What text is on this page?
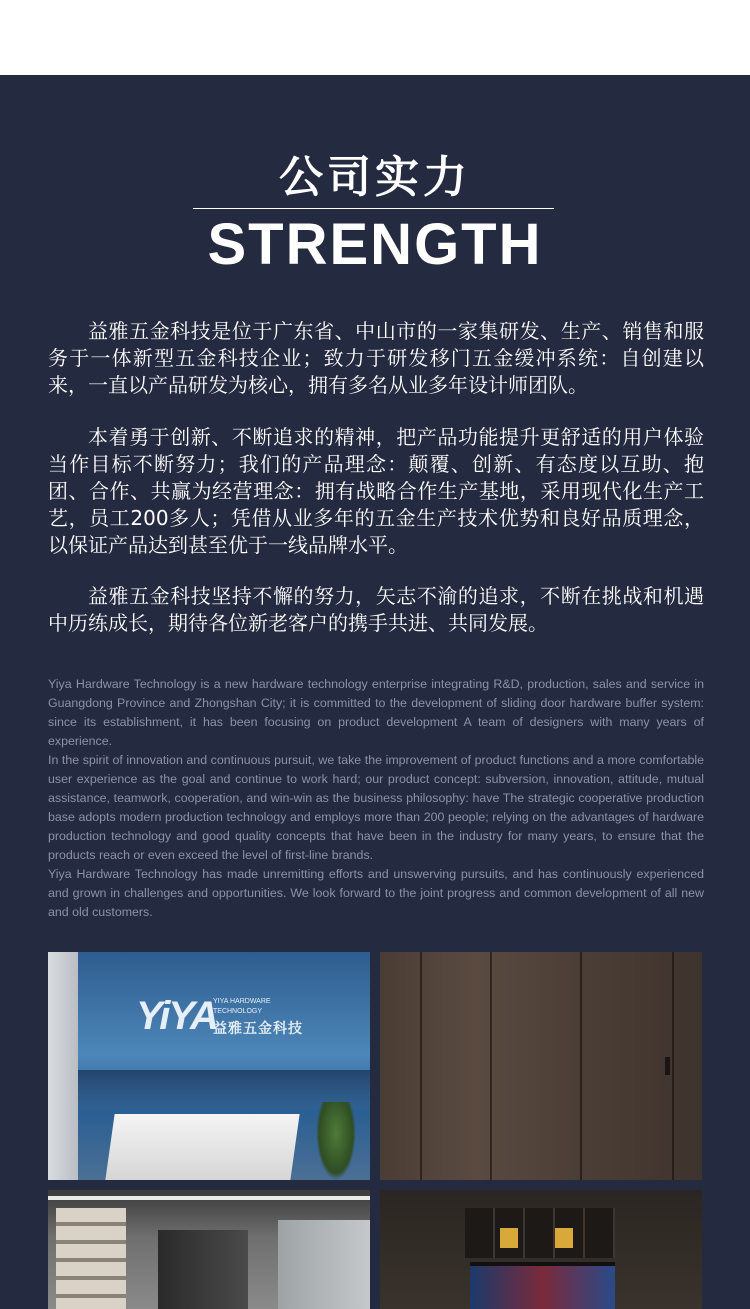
公司实力
STRENGTH

益雅五金科技是位于广东省、中山市的一家集研发、生产、销售和服务于一体新型五金科技企业；致力于研发移门五金缓冲系统：自创建以来，一直以产品研发为核心，拥有多名从业多年设计师团队。

本着勇于创新、不断追求的精神，把产品功能提升更舒适的用户体验当作目标不断努力；我们的产品理念：颠覆、创新、有态度以互助、抱团、合作、共赢为经营理念：拥有战略合作生产基地，采用现代化生产工艺，员工200多人；凭借从业多年的五金生产技术优势和良好品质理念，以保证产品达到甚至优于一线品牌水平。

益雅五金科技坚持不懈的努力，矢志不渝的追求，不断在挑战和机遇中历练成长，期待各位新老客户的携手共进、共同发展。

Yiya Hardware Technology is a new hardware technology enterprise integrating R&D, production, sales and service in Guangdong Province and Zhongshan City; it is committed to the development of sliding door hardware buffer system: since its establishment, it has been focusing on product development A team of designers with many years of experience.

In the spirit of innovation and continuous pursuit, we take the improvement of product functions and a more comfortable user experience as the goal and continue to work hard; our product concept: subversion, innovation, attitude, mutual assistance, teamwork, cooperation, and win-win as the business philosophy: have The strategic cooperative production base adopts modern production technology and employs more than 200 people; relying on the advantages of hardware production technology and good quality concepts that have been in the industry for many years, to ensure that the products reach or even exceed the level of first-line brands.

Yiya Hardware Technology has made unremitting efforts and unswerving pursuits, and has continuously experienced and grown in challenges and opportunities. We look forward to the joint progress and common development of all new and old customers.

YiYA
YIYA HARDWARE
TECHNOLOGY
益雅五金科技
